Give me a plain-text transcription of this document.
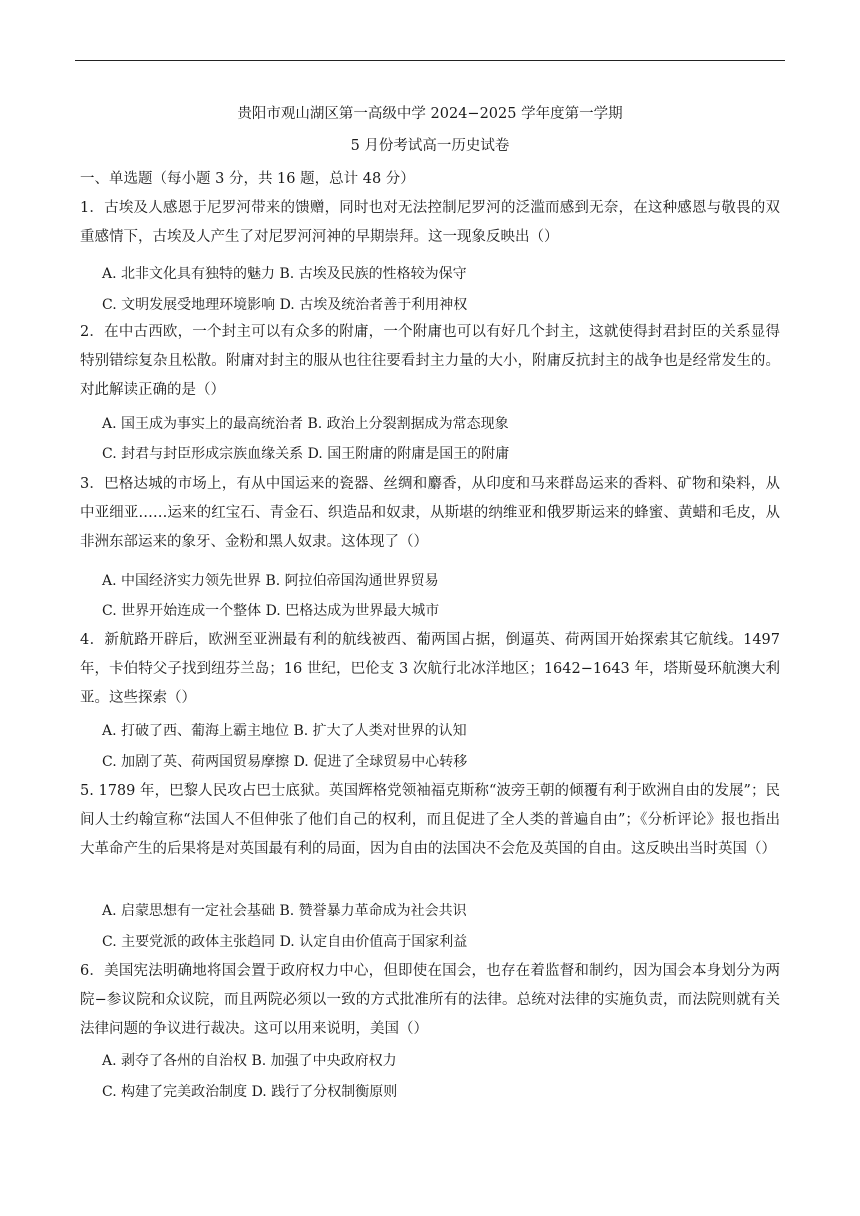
贵阳市观山湖区第一高级中学 2024−2025 学年度第一学期
5 月份考试高一历史试卷
一、单选题（每小题 3 分，共 16 题，总计 48 分）

1．古埃及人感恩于尼罗河带来的馈赠，同时也对无法控制尼罗河的泛滥而感到无奈，在这种感恩与敬畏的双重感情下，古埃及人产生了对尼罗河河神的早期崇拜。这一现象反映出（）

A. 北非文化具有独特的魅力 B. 古埃及民族的性格较为保守
C. 文明发展受地理环境影响 D. 古埃及统治者善于利用神权

2．在中古西欧，一个封主可以有众多的附庸，一个附庸也可以有好几个封主，这就使得封君封臣的关系显得特别错综复杂且松散。附庸对封主的服从也往往要看封主力量的大小，附庸反抗封主的战争也是经常发生的。对此解读正确的是（）

A. 国王成为事实上的最高统治者 B. 政治上分裂割据成为常态现象
C. 封君与封臣形成宗族血缘关系 D. 国王附庸的附庸是国王的附庸

3．巴格达城的市场上，有从中国运来的瓷器、丝绸和麝香，从印度和马来群岛运来的香料、矿物和染料，从中亚细亚……运来的红宝石、青金石、织造品和奴隶，从斯堪的纳维亚和俄罗斯运来的蜂蜜、黄蜡和毛皮，从非洲东部运来的象牙、金粉和黑人奴隶。这体现了（）

A. 中国经济实力领先世界 B. 阿拉伯帝国沟通世界贸易
C. 世界开始连成一个整体 D. 巴格达成为世界最大城市

4．新航路开辟后，欧洲至亚洲最有利的航线被西、葡两国占据，倒逼英、荷两国开始探索其它航线。1497 年，卡伯特父子找到纽芬兰岛；16 世纪，巴伦支 3 次航行北冰洋地区；1642−1643 年，塔斯曼环航澳大利亚。这些探索（）

A. 打破了西、葡海上霸主地位 B. 扩大了人类对世界的认知
C. 加剧了英、荷两国贸易摩擦 D. 促进了全球贸易中心转移

5. 1789 年，巴黎人民攻占巴士底狱。英国辉格党领袖福克斯称“波旁王朝的倾覆有利于欧洲自由的发展”；民间人士约翰宣称“法国人不但伸张了他们自己的权利，而且促进了全人类的普遍自由”；《分析评论》报也指出大革命产生的后果将是对英国最有利的局面，因为自由的法国决不会危及英国的自由。这反映出当时英国（）

A. 启蒙思想有一定社会基础 B. 赞誉暴力革命成为社会共识
C. 主要党派的政体主张趋同 D. 认定自由价值高于国家利益

6．美国宪法明确地将国会置于政府权力中心，但即使在国会，也存在着监督和制约，因为国会本身划分为两院−参议院和众议院，而且两院必须以一致的方式批准所有的法律。总统对法律的实施负责，而法院则就有关法律问题的争议进行裁决。这可以用来说明，美国（）

A. 剥夺了各州的自治权 B. 加强了中央政府权力
C. 构建了完美政治制度 D. 践行了分权制衡原则
